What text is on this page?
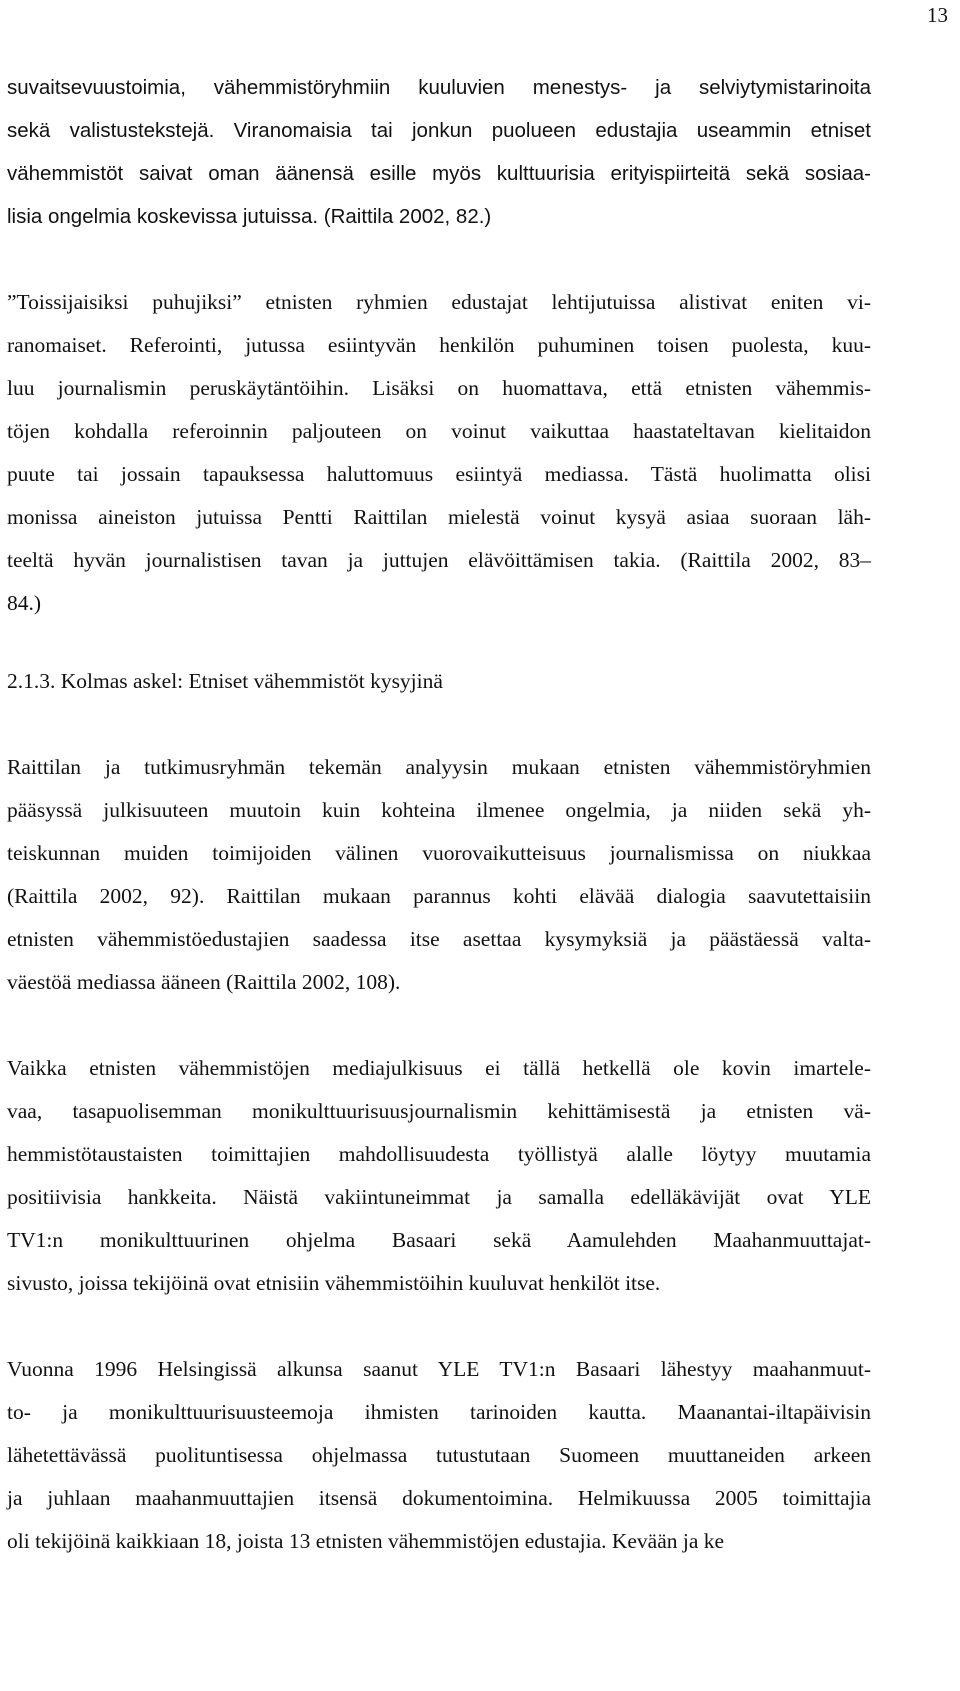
13
suvaitsevuustoimia, vähemmistöryhmiin kuuluvien menestys- ja selviytymistarinoita
sekä valistustekstejä. Viranomaisia tai jonkun puolueen edustajia useammin etniset
vähemmistöt saivat oman äänensä esille myös kulttuurisia erityispiirteitä sekä sosiaa-
lisia ongelmia koskevissa jutuissa. (Raittila 2002, 82.)
”Toissijaisiksi puhujiksi” etnisten ryhmien edustajat lehtijutuissa alistivat eniten vi-
ranomaiset. Referointi, jutussa esiintyvän henkilön puhuminen toisen puolesta, kuu-
luu journalismin peruskäytäntöihin. Lisäksi on huomattava, että etnisten vähemmis-
töjen kohdalla referoinnin paljouteen on voinut vaikuttaa haastateltavan kielitaidon
puute tai jossain tapauksessa haluttomuus esiintyä mediassa. Tästä huolimatta olisi
monissa aineiston jutuissa Pentti Raittilan mielestä voinut kysyä asiaa suoraan läh-
teeltä hyvän journalistisen tavan ja juttujen elävöittämisen takia. (Raittila 2002, 83–
84.)
2.1.3. Kolmas askel: Etniset vähemmistöt kysyjinä
Raittilan ja tutkimusryhmän tekemän analyysin mukaan etnisten vähemmistöryhmien
pääsyssä julkisuuteen muutoin kuin kohteina ilmenee ongelmia, ja niiden sekä yh-
teiskunnan muiden toimijoiden välinen vuorovaikutteisuus journalismissa on niukkaa
(Raittila 2002, 92). Raittilan mukaan parannus kohti elävää dialogia saavutettaisiin
etnisten vähemmistöedustajien saadessa itse asettaa kysymyksiä ja päästäessä valta-
väestöä mediassa ääneen (Raittila 2002, 108).
Vaikka etnisten vähemmistöjen mediajulkisuus ei tällä hetkellä ole kovin imartele-
vaa, tasapuolisemman monikulttuurisuusjournalismin kehittämisestä ja etnisten vä-
hemmistötaustaisten toimittajien mahdollisuudesta työllistyä alalle löytyy muutamia
positiivisia hankkeita. Näistä vakiintuneimmat ja samalla edelläkävijät ovat YLE
TV1:n monikulttuurinen ohjelma Basaari sekä Aamulehden Maahanmuuttajat-
sivusto, joissa tekijöinä ovat etnisiin vähemmistöihin kuuluvat henkilöt itse.
Vuonna 1996 Helsingissä alkunsa saanut YLE TV1:n Basaari lähestyy maahanmuut-
to- ja monikulttuurisuusteemoja ihmisten tarinoiden kautta. Maanantai-iltapäivisin
lähetettävässä puolituntisessa ohjelmassa tutustutaan Suomeen muuttaneiden arkeen
ja juhlaan maahanmuuttajien itsensä dokumentoimina. Helmikuussa 2005 toimittajia
oli tekijöinä kaikkiaan 18, joista 13 etnisten vähemmistöjen edustajia. Kevään ja ke
